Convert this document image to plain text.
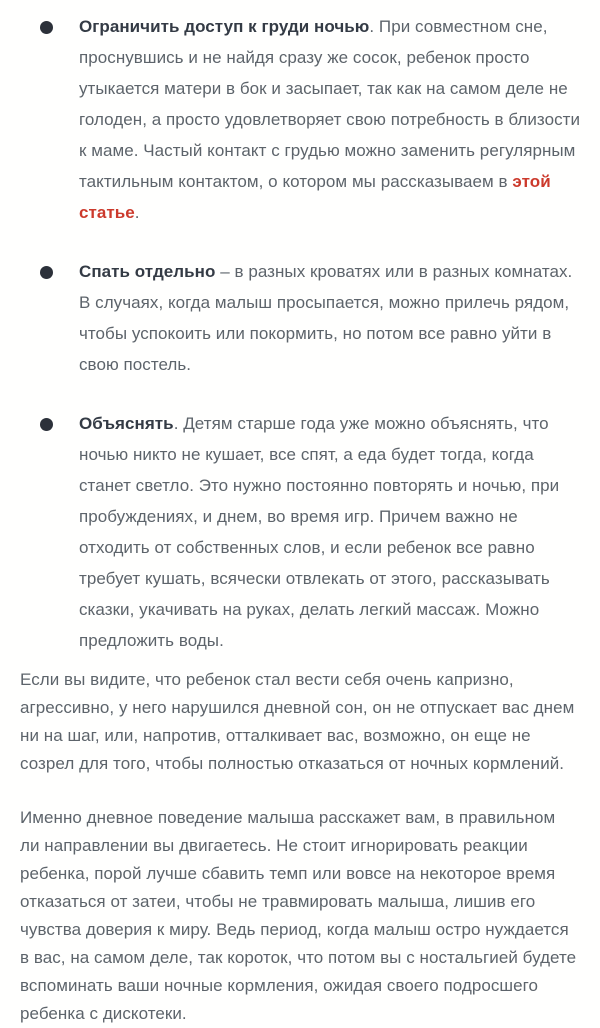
Ограничить доступ к груди ночью. При совместном сне, проснувшись и не найдя сразу же сосок, ребенок просто утыкается матери в бок и засыпает, так как на самом деле не голоден, а просто удовлетворяет свою потребность в близости к маме. Частый контакт с грудью можно заменить регулярным тактильным контактом, о котором мы рассказываем в этой статье.
Спать отдельно – в разных кроватях или в разных комнатах. В случаях, когда малыш просыпается, можно прилечь рядом, чтобы успокоить или покормить, но потом все равно уйти в свою постель.
Объяснять. Детям старше года уже можно объяснять, что ночью никто не кушает, все спят, а еда будет тогда, когда станет светло. Это нужно постоянно повторять и ночью, при пробуждениях, и днем, во время игр. Причем важно не отходить от собственных слов, и если ребенок все равно требует кушать, всячески отвлекать от этого, рассказывать сказки, укачивать на руках, делать легкий массаж. Можно предложить воды.

Если вы видите, что ребенок стал вести себя очень капризно, агрессивно, у него нарушился дневной сон, он не отпускает вас днем ни на шаг, или, напротив, отталкивает вас, возможно, он еще не созрел для того, чтобы полностью отказаться от ночных кормлений.

Именно дневное поведение малыша расскажет вам, в правильном ли направлении вы двигаетесь. Не стоит игнорировать реакции ребенка, порой лучше сбавить темп или вовсе на некоторое время отказаться от затеи, чтобы не травмировать малыша, лишив его чувства доверия к миру. Ведь период, когда малыш остро нуждается в вас, на самом деле, так короток, что потом вы с ностальгией будете вспоминать ваши ночные кормления, ожидая своего подросшего ребенка с дискотеки.
